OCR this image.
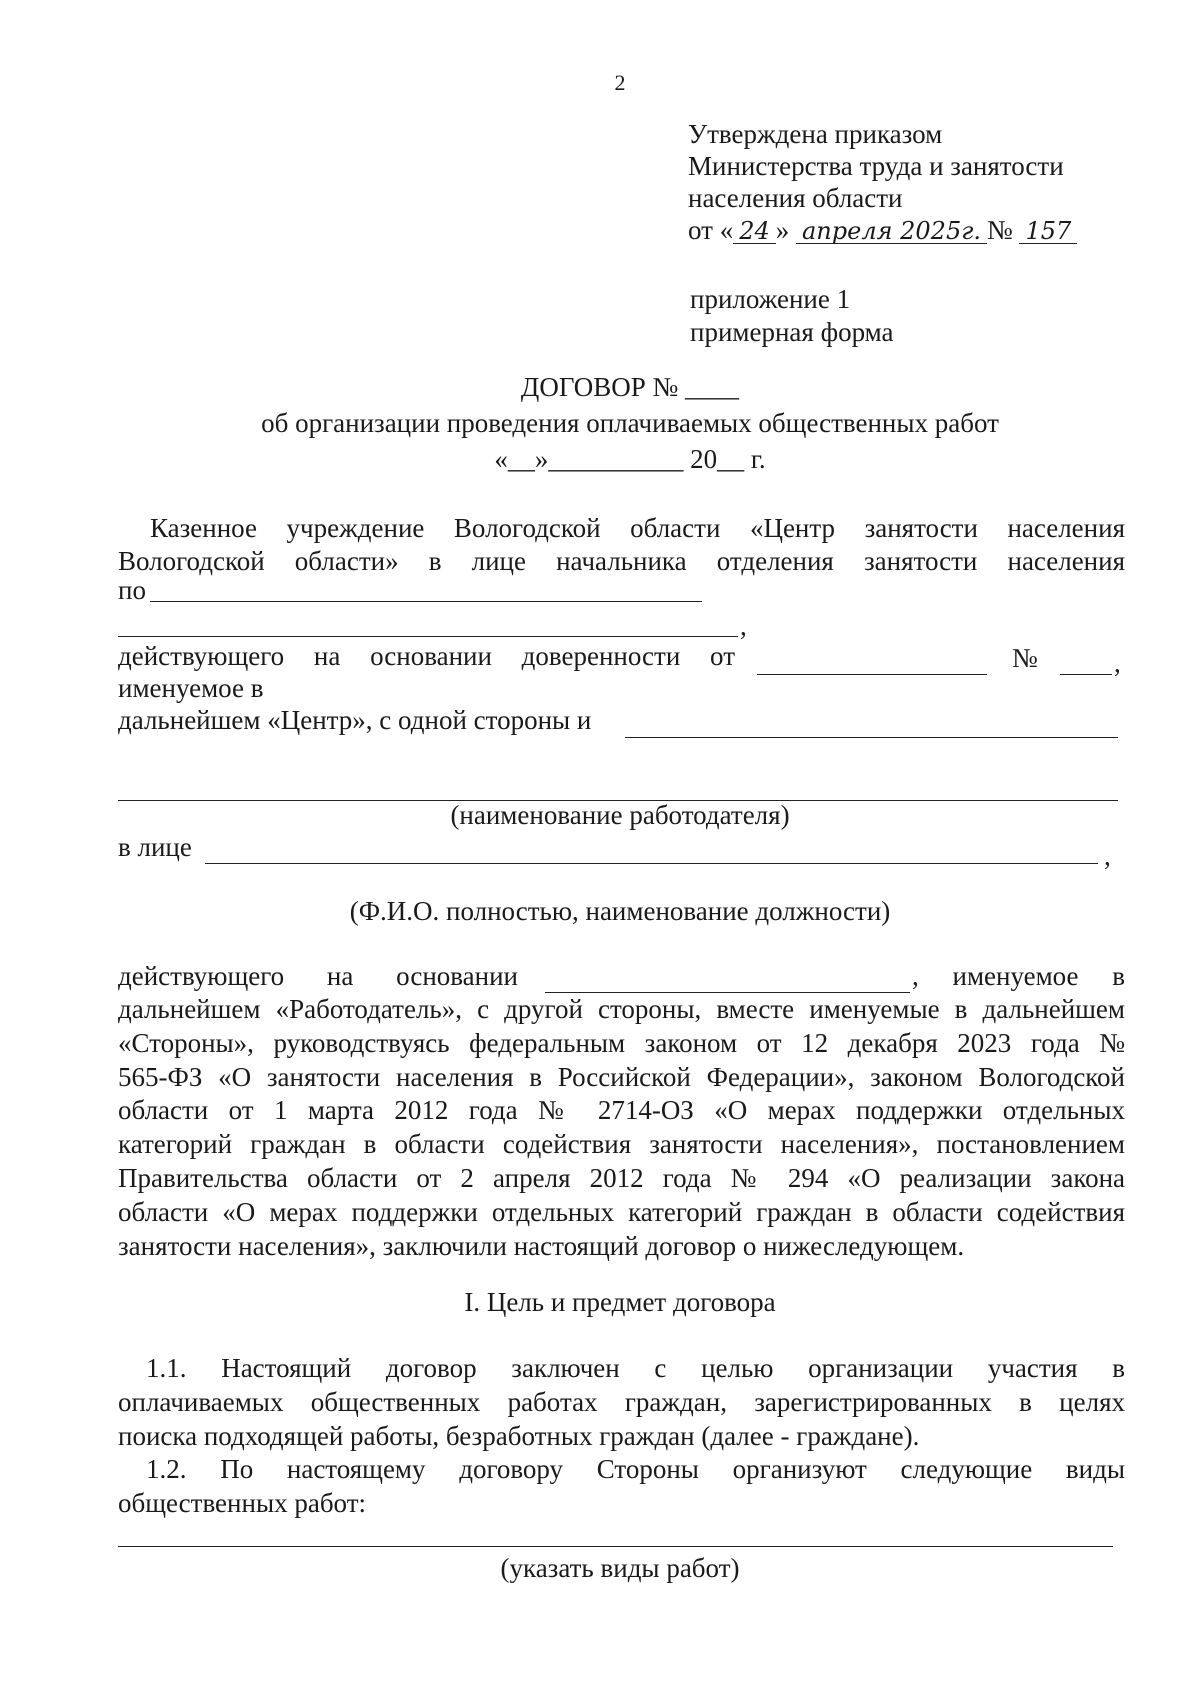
2
Утверждена приказом
Министерства труда и занятости
населения области
от « 24 » апреля 2025г. № 157
приложение 1
примерная форма
ДОГОВОР № ____
об организации проведения оплачиваемых общественных работ
«__»__________ 20__ г.
Казенное учреждение Вологодской области «Центр занятости населения
Вологодской области» в лице начальника отделения занятости населения
по
,
действующего на основании доверенности от	№	,
именуемое в
дальнейшем «Центр», с одной стороны и
(наименование работодателя)
в лице	,
(Ф.И.О. полностью, наименование должности)
действующего на основании	, именуемое в
дальнейшем «Работодатель», с другой стороны, вместе именуемые в дальнейшем
«Стороны», руководствуясь федеральным законом от 12 декабря 2023 года №
565-ФЗ «О занятости населения в Российской Федерации», законом Вологодской
области от 1 марта 2012 года № 2714-ОЗ «О мерах поддержки отдельных
категорий граждан в области содействия занятости населения», постановлением
Правительства области от 2 апреля 2012 года № 294 «О реализации закона
области «О мерах поддержки отдельных категорий граждан в области содействия
занятости населения», заключили настоящий договор о нижеследующем.
I. Цель и предмет договора
1.1. Настоящий договор заключен с целью организации участия в
оплачиваемых общественных работах граждан, зарегистрированных в целях
поиска подходящей работы, безработных граждан (далее - граждане).
1.2. По настоящему договору Стороны организуют следующие виды
общественных работ:
(указать виды работ)
